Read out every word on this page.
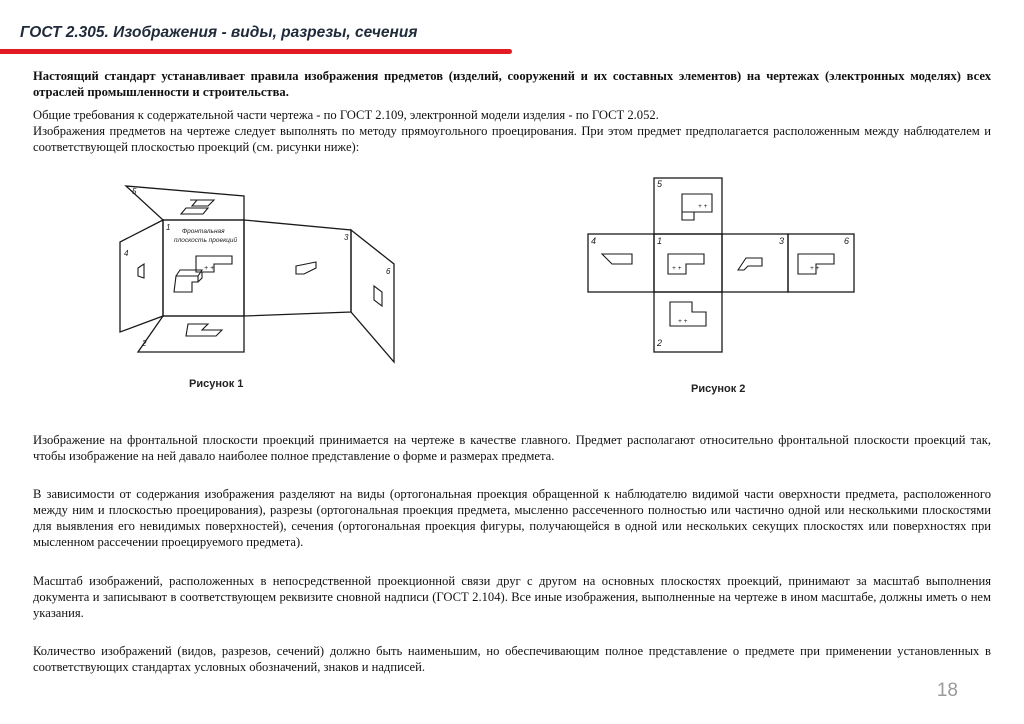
ГОСТ 2.305. Изображения - виды, разрезы, сечения

Настоящий стандарт устанавливает правила изображения предметов (изделий, сооружений и их составных элементов) на чертежах (электронных моделях) всех отраслей промышленности и строительства.

Общие требования к содержательной части чертежа - по ГОСТ 2.109, электронной модели изделия - по ГОСТ 2.052.

Изображения предметов на чертеже следует выполнять по методу прямоугольного проецирования. При этом предмет предполагается расположенным между наблюдателем и соответствующей плоскостью проекций (см. рисунки ниже):

+ +
5
1
4
3
6
2
Фронтальная
плоскость проекций
Рисунок 1
+ +
+ +	+ +
+ +
5
4	1	3	6
2
Рисунок 2
Изображение на фронтальной плоскости проекций принимается на чертеже в качестве главного. Предмет располагают относительно фронтальной плоскости проекций так, чтобы изображение на ней давало наиболее полное представление о форме и размерах предмета.
В зависимости от содержания изображения разделяют на виды (ортогональная проекция обращенной к наблюдателю видимой части оверхности предмета, расположенного между ним и плоскостью проецирования), разрезы (ортогональная проекция предмета, мысленно рассеченного полностью или частично одной или несколькими плоскостями для выявления его невидимых поверхностей), сечения (ортогональная проекция фигуры, получающейся в одной или нескольких секущих плоскостях или поверхностях при мысленном рассечении проецируемого предмета).
Масштаб изображений, расположенных в непосредственной проекционной связи друг с другом на основных плоскостях проекций, принимают за масштаб выполнения документа и записывают в соответствующем реквизите сновной надписи (ГОСТ 2.104). Все иные изображения, выполненные на чертеже в ином масштабе, должны иметь о нем указания.
Количество изображений (видов, разрезов, сечений) должно быть наименьшим, но обеспечивающим полное представление о предмете при применении установленных в соответствующих стандартах условных обозначений, знаков и надписей.
18
